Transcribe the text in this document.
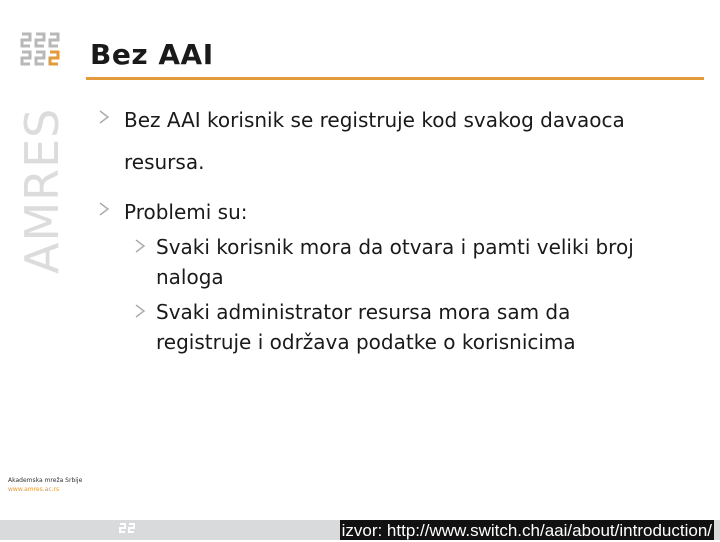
AMRES
Bez AAI
Bez AAI korisnik se registruje kod svakog davaoca
resursa.
Problemi su:
Svaki korisnik mora da otvara i pamti veliki broj
naloga
Svaki administrator resursa mora sam da
registruje i održava podatke o korisnicima
Akademska mreža Srbije
www.amres.ac.rs
izvor: http://www.switch.ch/aai/about/introduction/
